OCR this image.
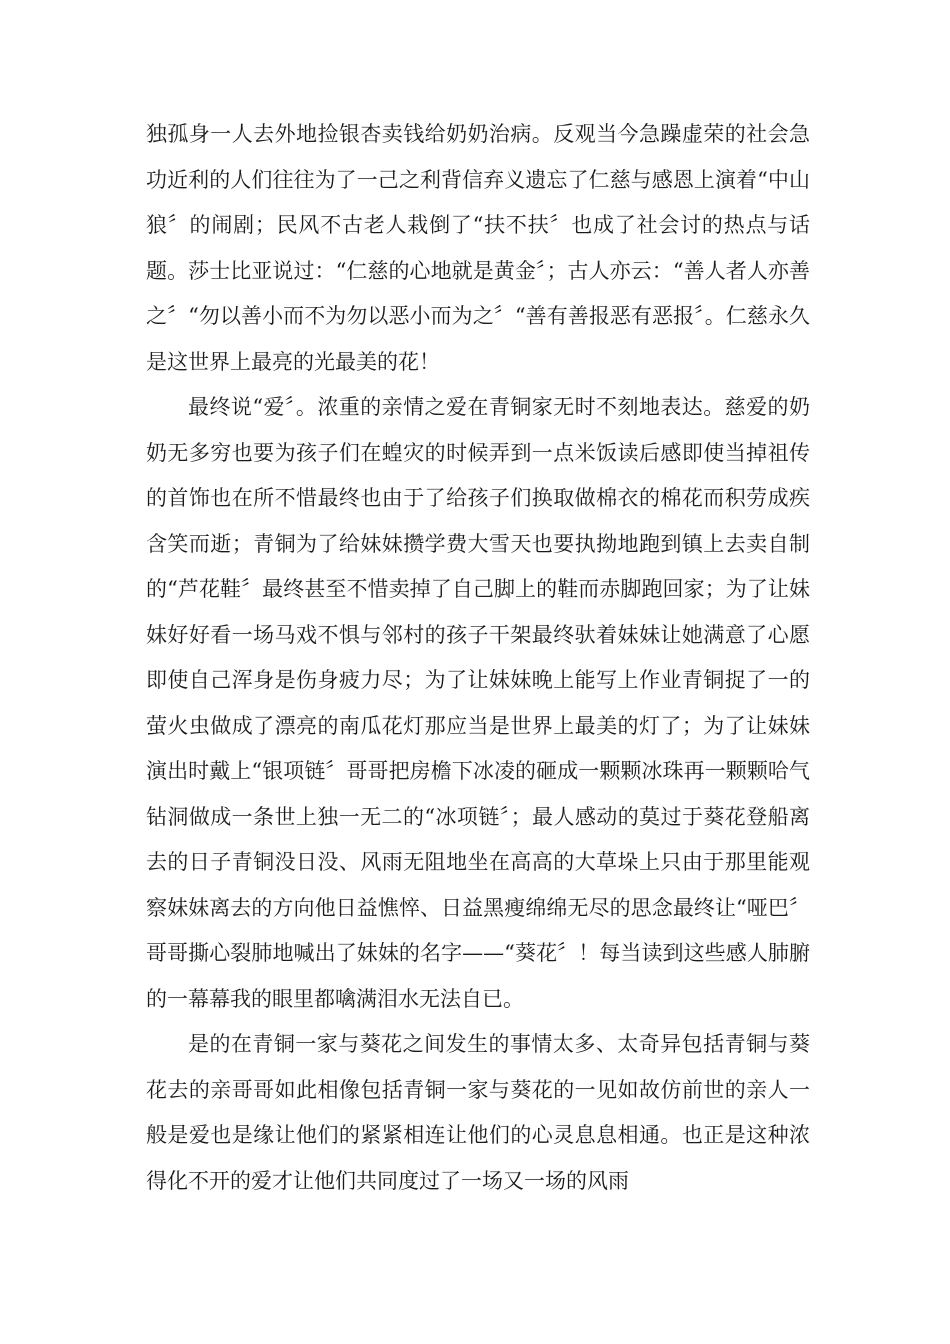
独孤身一人去外地捡银杏卖钱给奶奶治病。反观当今急躁虚荣的社会急功近利的人们往往为了一己之利背信弃义遗忘了仁慈与感恩上演着“中山狼〞的闹剧；民风不古老人栽倒了“扶不扶〞也成了社会讨的热点与话题。莎士比亚说过：“仁慈的心地就是黄金〞；古人亦云：“善人者人亦善之〞“勿以善小而不为勿以恶小而为之〞“善有善报恶有恶报〞。仁慈永久是这世界上最亮的光最美的花！

最终说“爱〞。浓重的亲情之爱在青铜家无时不刻地表达。慈爱的奶奶无多穷也要为孩子们在蝗灾的时候弄到一点米饭读后感即使当掉祖传的首饰也在所不惜最终也由于了给孩子们换取做棉衣的棉花而积劳成疾含笑而逝；青铜为了给妹妹攒学费大雪天也要执拗地跑到镇上去卖自制的“芦花鞋〞最终甚至不惜卖掉了自己脚上的鞋而赤脚跑回家；为了让妹妹好好看一场马戏不惧与邻村的孩子干架最终驮着妹妹让她满意了心愿即使自己浑身是伤身疲力尽；为了让妹妹晚上能写上作业青铜捉了一的萤火虫做成了漂亮的南瓜花灯那应当是世界上最美的灯了；为了让妹妹演出时戴上“银项链〞哥哥把房檐下冰凌的砸成一颗颗冰珠再一颗颗哈气钻洞做成一条世上独一无二的“冰项链〞；最人感动的莫过于葵花登船离去的日子青铜没日没、风雨无阻地坐在高高的大草垛上只由于那里能观察妹妹离去的方向他日益憔悴、日益黑瘦绵绵无尽的思念最终让“哑巴〞哥哥撕心裂肺地喊出了妹妹的名字——“葵花〞！每当读到这些感人肺腑的一幕幕我的眼里都噙满泪水无法自已。

是的在青铜一家与葵花之间发生的事情太多、太奇异包括青铜与葵花去的亲哥哥如此相像包括青铜一家与葵花的一见如故仿前世的亲人一般是爱也是缘让他们的紧紧相连让他们的心灵息息相通。也正是这种浓得化不开的爱才让他们共同度过了一场又一场的风雨
